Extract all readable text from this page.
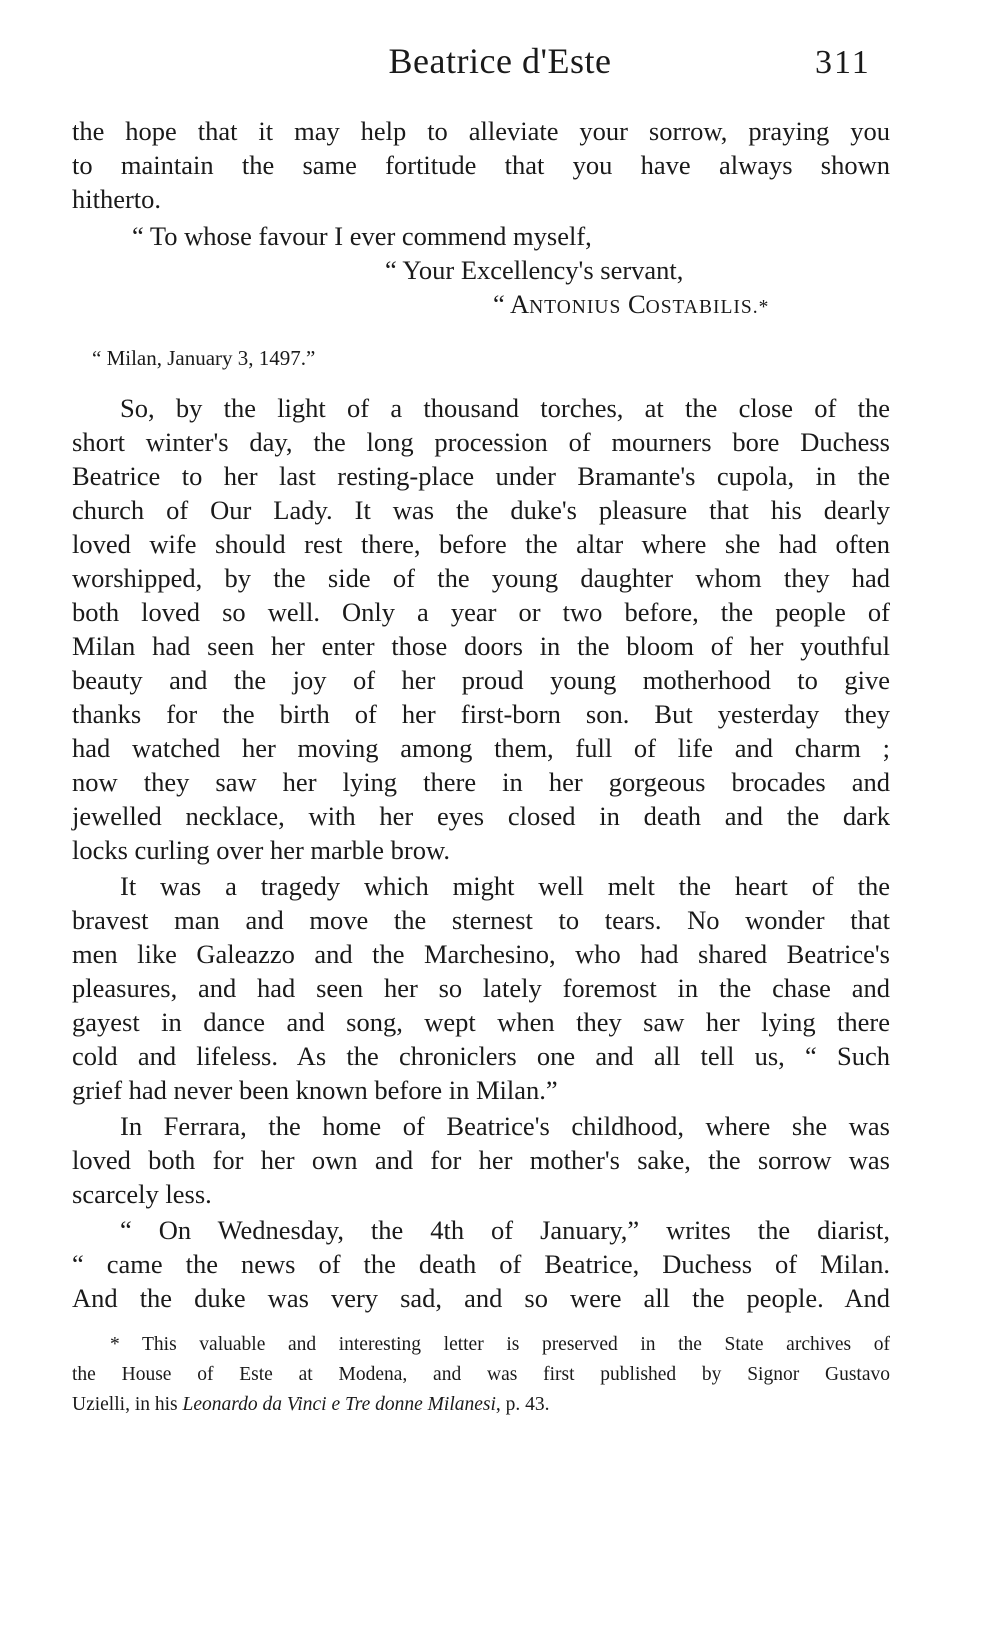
Beatrice d'Este	311
the hope that it may help to alleviate your sorrow, praying you
to maintain the same fortitude that you have always shown
hitherto.
“ To whose favour I ever commend myself,
“ Your Excellency's servant,
“ ANTONIUS COSTABILIS.*
“ Milan, January 3, 1497.”
So, by the light of a thousand torches, at the close of the
short winter's day, the long procession of mourners bore Duchess
Beatrice to her last resting-place under Bramante's cupola, in the
church of Our Lady. It was the duke's pleasure that his dearly
loved wife should rest there, before the altar where she had often
worshipped, by the side of the young daughter whom they had
both loved so well. Only a year or two before, the people of
Milan had seen her enter those doors in the bloom of her youthful
beauty and the joy of her proud young motherhood to give
thanks for the birth of her first-born son. But yesterday they
had watched her moving among them, full of life and charm ;
now they saw her lying there in her gorgeous brocades and
jewelled necklace, with her eyes closed in death and the dark
locks curling over her marble brow.
It was a tragedy which might well melt the heart of the
bravest man and move the sternest to tears. No wonder that
men like Galeazzo and the Marchesino, who had shared Beatrice's
pleasures, and had seen her so lately foremost in the chase and
gayest in dance and song, wept when they saw her lying there
cold and lifeless. As the chroniclers one and all tell us, “ Such
grief had never been known before in Milan.”
In Ferrara, the home of Beatrice's childhood, where she was
loved both for her own and for her mother's sake, the sorrow was
scarcely less.
“ On Wednesday, the 4th of January,” writes the diarist,
“ came the news of the death of Beatrice, Duchess of Milan.
And the duke was very sad, and so were all the people. And
* This valuable and interesting letter is preserved in the State archives of
the House of Este at Modena, and was first published by Signor Gustavo
Uzielli, in his Leonardo da Vinci e Tre donne Milanesi, p. 43.
